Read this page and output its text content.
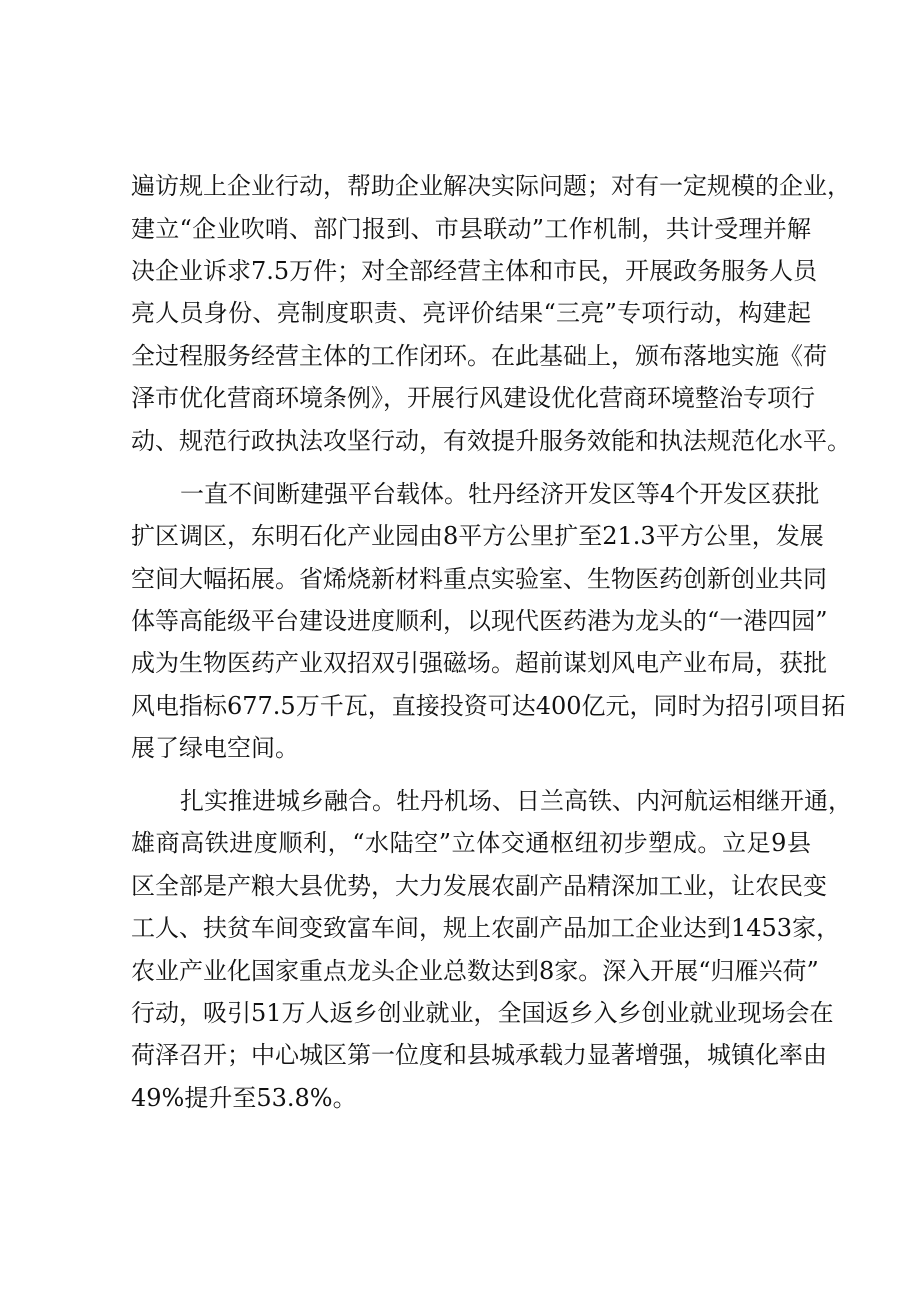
遍访规上企业行动，帮助企业解决实际问题；对有一定规模的企业，
建立“企业吹哨、部门报到、市县联动”工作机制，共计受理并解
决企业诉求7.5万件；对全部经营主体和市民，开展政务服务人员
亮人员身份、亮制度职责、亮评价结果“三亮”专项行动，构建起
全过程服务经营主体的工作闭环。在此基础上，颁布落地实施《荷
泽市优化营商环境条例》，开展行风建设优化营商环境整治专项行
动、规范行政执法攻坚行动，有效提升服务效能和执法规范化水平。
一直不间断建强平台载体。牡丹经济开发区等4个开发区获批
扩区调区，东明石化产业园由8平方公里扩至21.3平方公里，发展
空间大幅拓展。省烯烧新材料重点实验室、生物医药创新创业共同
体等高能级平台建设进度顺利，以现代医药港为龙头的“一港四园”
成为生物医药产业双招双引强磁场。超前谋划风电产业布局，获批
风电指标677.5万千瓦，直接投资可达400亿元，同时为招引项目拓
展了绿电空间。
扎实推进城乡融合。牡丹机场、日兰高铁、内河航运相继开通，
雄商高铁进度顺利，“水陆空”立体交通枢纽初步塑成。立足9县
区全部是产粮大县优势，大力发展农副产品精深加工业，让农民变
工人、扶贫车间变致富车间，规上农副产品加工企业达到1453家，
农业产业化国家重点龙头企业总数达到8家。深入开展“归雁兴荷”
行动，吸引51万人返乡创业就业，全国返乡入乡创业就业现场会在
荷泽召开；中心城区第一位度和县城承载力显著增强，城镇化率由
49%提升至53.8%。
